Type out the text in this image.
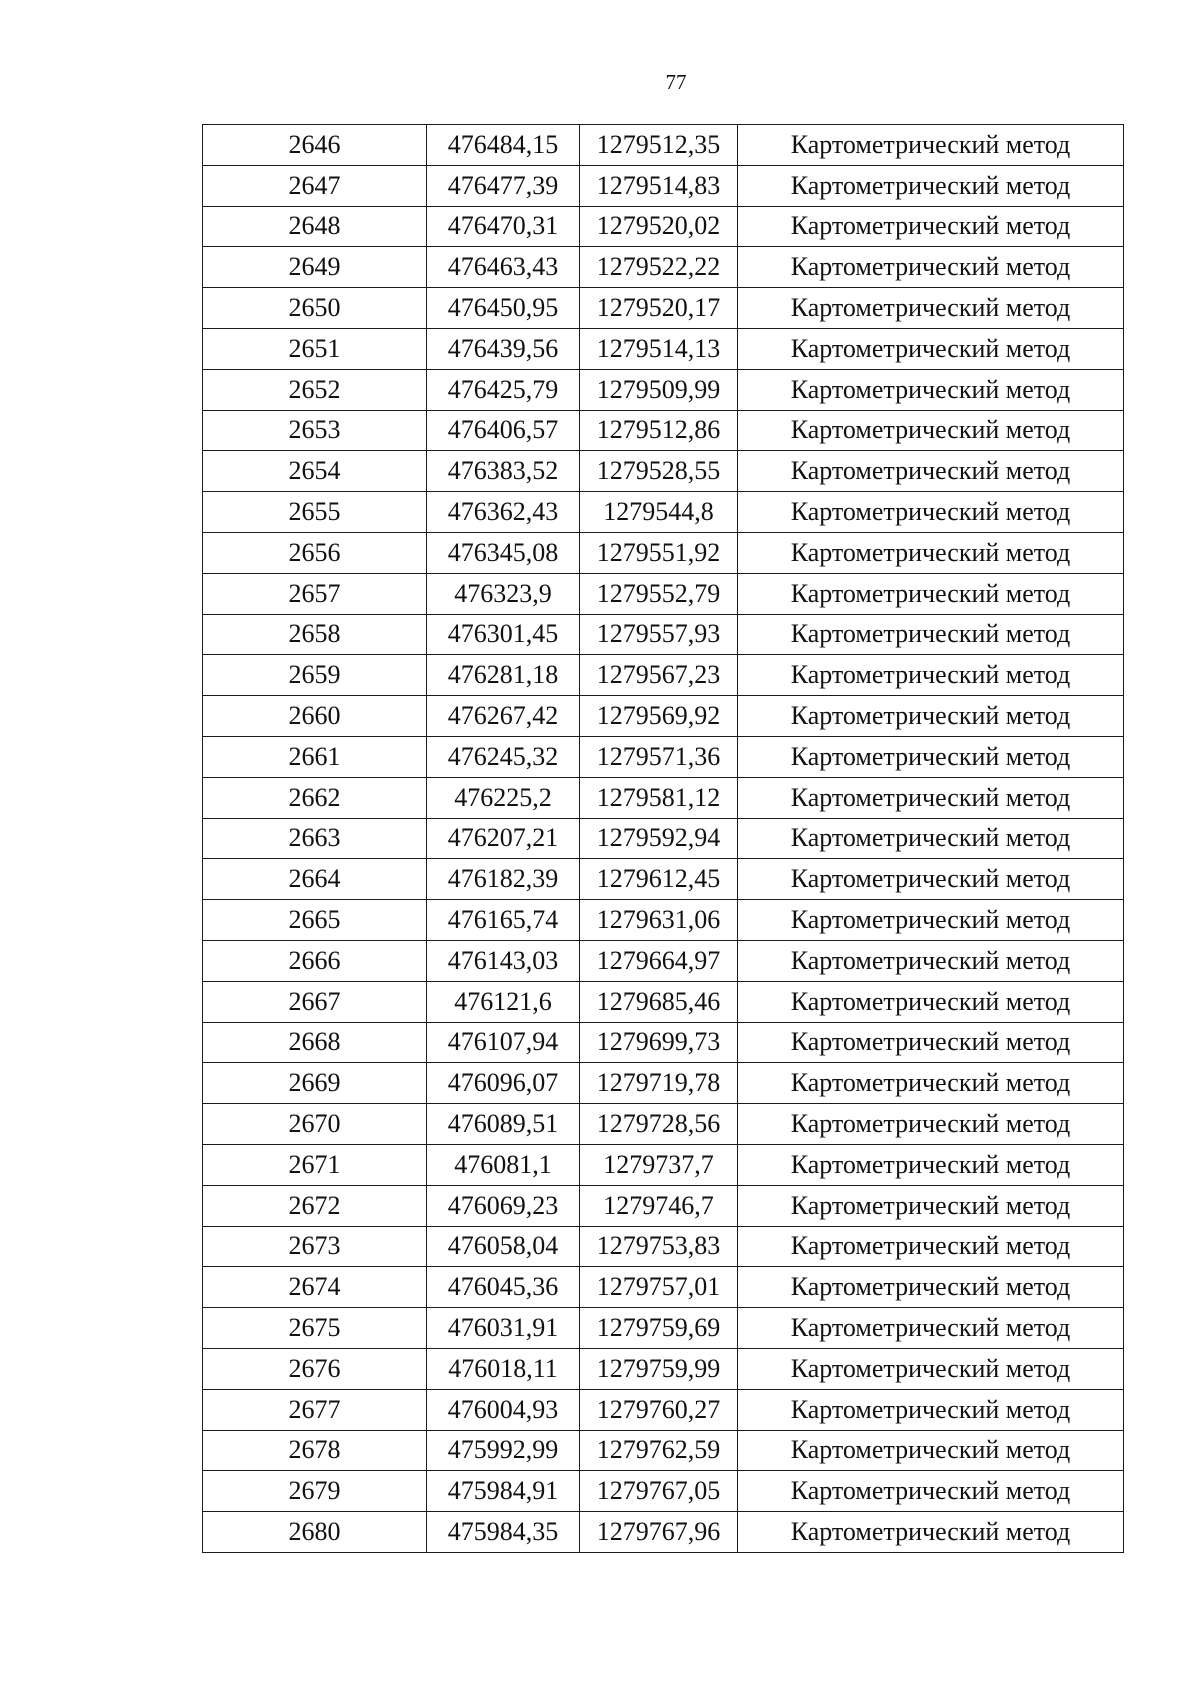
77
2646	476484,15	1279512,35	Картометрический метод
2647	476477,39	1279514,83	Картометрический метод
2648	476470,31	1279520,02	Картометрический метод
2649	476463,43	1279522,22	Картометрический метод
2650	476450,95	1279520,17	Картометрический метод
2651	476439,56	1279514,13	Картометрический метод
2652	476425,79	1279509,99	Картометрический метод
2653	476406,57	1279512,86	Картометрический метод
2654	476383,52	1279528,55	Картометрический метод
2655	476362,43	1279544,8	Картометрический метод
2656	476345,08	1279551,92	Картометрический метод
2657	476323,9	1279552,79	Картометрический метод
2658	476301,45	1279557,93	Картометрический метод
2659	476281,18	1279567,23	Картометрический метод
2660	476267,42	1279569,92	Картометрический метод
2661	476245,32	1279571,36	Картометрический метод
2662	476225,2	1279581,12	Картометрический метод
2663	476207,21	1279592,94	Картометрический метод
2664	476182,39	1279612,45	Картометрический метод
2665	476165,74	1279631,06	Картометрический метод
2666	476143,03	1279664,97	Картометрический метод
2667	476121,6	1279685,46	Картометрический метод
2668	476107,94	1279699,73	Картометрический метод
2669	476096,07	1279719,78	Картометрический метод
2670	476089,51	1279728,56	Картометрический метод
2671	476081,1	1279737,7	Картометрический метод
2672	476069,23	1279746,7	Картометрический метод
2673	476058,04	1279753,83	Картометрический метод
2674	476045,36	1279757,01	Картометрический метод
2675	476031,91	1279759,69	Картометрический метод
2676	476018,11	1279759,99	Картометрический метод
2677	476004,93	1279760,27	Картометрический метод
2678	475992,99	1279762,59	Картометрический метод
2679	475984,91	1279767,05	Картометрический метод
2680	475984,35	1279767,96	Картометрический метод
